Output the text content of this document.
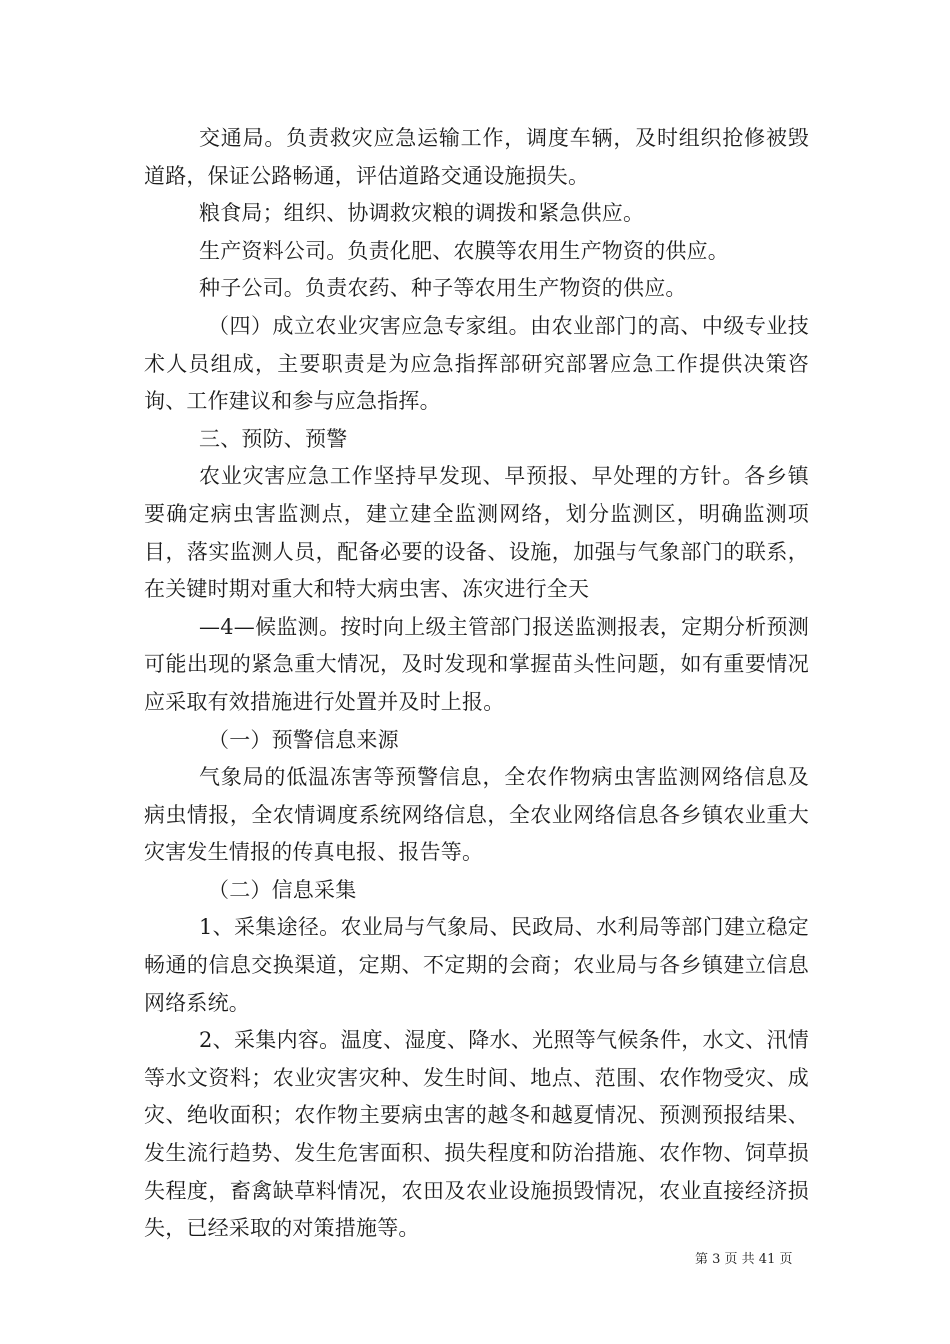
交通局。负责救灾应急运输工作，调度车辆，及时组织抢修被毁道路，保证公路畅通，评估道路交通设施损失。

粮食局；组织、协调救灾粮的调拨和紧急供应。

生产资料公司。负责化肥、农膜等农用生产物资的供应。

种子公司。负责农药、种子等农用生产物资的供应。

（四）成立农业灾害应急专家组。由农业部门的高、中级专业技术人员组成，主要职责是为应急指挥部研究部署应急工作提供决策咨询、工作建议和参与应急指挥。

三、预防、预警

农业灾害应急工作坚持早发现、早预报、早处理的方针。各乡镇要确定病虫害监测点，建立建全监测网络，划分监测区，明确监测项目，落实监测人员，配备必要的设备、设施，加强与气象部门的联系，在关键时期对重大和特大病虫害、冻灾进行全天

—4—候监测。按时向上级主管部门报送监测报表，定期分析预测可能出现的紧急重大情况，及时发现和掌握苗头性问题，如有重要情况应采取有效措施进行处置并及时上报。

（一）预警信息来源

气象局的低温冻害等预警信息，全农作物病虫害监测网络信息及病虫情报，全农情调度系统网络信息，全农业网络信息各乡镇农业重大灾害发生情报的传真电报、报告等。

（二）信息采集

1、采集途径。农业局与气象局、民政局、水利局等部门建立稳定畅通的信息交换渠道，定期、不定期的会商；农业局与各乡镇建立信息网络系统。

2、采集内容。温度、湿度、降水、光照等气候条件，水文、汛情等水文资料；农业灾害灾种、发生时间、地点、范围、农作物受灾、成灾、绝收面积；农作物主要病虫害的越冬和越夏情况、预测预报结果、发生流行趋势、发生危害面积、损失程度和防治措施、农作物、饲草损失程度，畜禽缺草料情况，农田及农业设施损毁情况，农业直接经济损失，已经采取的对策措施等。

第 3 页 共 41 页
